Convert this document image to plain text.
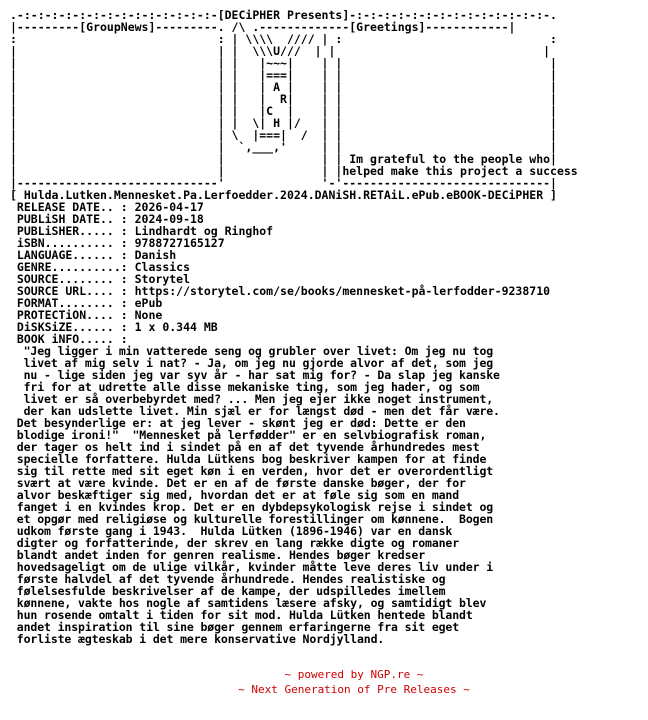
.-:-:-:-:-:-:-:-:-:-:-:-:-:-:-[DECiPHER Presents]-:-:-:-:-:-:-:-:-:-:-:-:-:-:-.
|---------[GroupNews]---------. /\ .-------------[Greetings]------------|
:                             : | \\\\  //// | :                              :
|                             | |  \\\U///  | |                              |
|                             | |   |~~~|    | |                              |
|                             | |   |===|    | |                              |
|                             | |   | A |    | |                              |
|                             | |   |  R|    | |                              |
|                             | |   |C  |    | |                              |
|                             | |  \| H |/   | |                              |
|                             | \  |===|  /  | |                              |
|                             |  `,___,'     | |                              |
|                             |              | | Im grateful to the people who|
|                             |              | |helped make this project a success
|-----------------------------'              '-'------------------------------|
[ Hulda.Lutken.Mennesket.Pa.Lerfoedder.2024.DANiSH.RETAiL.ePub.eBOOK-DECiPHER ]
RELEASE DATE.. : 2026-04-17
PUBLiSH DATE.. : 2024-09-18
PUBLiSHER..... : Lindhardt og Ringhof
iSBN.......... : 9788727165127
LANGUAGE...... : Danish
GENRE..........: Classics
SOURCE........ : Storytel
SOURCE URL.... : https://storytel.com/se/books/mennesket-på-lerfodder-9238710
FORMAT........ : ePub
PROTECTiON.... : None
DiSKSiZE...... : 1 x 0.344 MB
BOOK iNFO..... :
"Jeg ligger i min vatterede seng og grubler over livet: Om jeg nu tog
livet af mig selv i nat? - Ja, om jeg nu gjorde alvor af det, som jeg
nu - lige siden jeg var syv år - har sat mig for? - Da slap jeg kanske
fri for at udrette alle disse mekaniske ting, som jeg hader, og som
livet er så overbebyrdet med? ... Men jeg ejer ikke noget instrument,
der kan udslette livet. Min sjæl er for længst død - men det får være.
Det besynderlige er: at jeg lever - skønt jeg er død: Dette er den
blodige ironi!"  "Mennesket på lerfødder" er en selvbiografisk roman,
der tager os helt ind i sindet på en af det tyvende århundredes mest
specielle forfattere. Hulda Lütkens bog beskriver kampen for at finde
sig til rette med sit eget køn i en verden, hvor det er overordentligt
svært at være kvinde. Det er en af de første danske bøger, der for
alvor beskæftiger sig med, hvordan det er at føle sig som en mand
fanget i en kvindes krop. Det er en dybdepsykologisk rejse i sindet og
et opgør med religiøse og kulturelle forestillinger om kønnene.  Bogen
udkom første gang i 1943.  Hulda Lütken (1896-1946) var en dansk
digter og forfatterinde, der skrev en lang række digte og romaner
blandt andet inden for genren realisme. Hendes bøger kredser
hovedsageligt om de ulige vilkår, kvinder måtte leve deres liv under i
første halvdel af det tyvende århundrede. Hendes realistiske og
følelsesfulde beskrivelser af de kampe, der udspilledes imellem
kønnene, vakte hos nogle af samtidens læsere afsky, og samtidigt blev
hun rosende omtalt i tiden for sit mod. Hulda Lütken hentede blandt
andet inspiration til sine bøger gennem erfaringerne fra sit eget
forliste ægteskab i det mere konservative Nordjylland.
~ powered by NGP.re ~
~ Next Generation of Pre Releases ~
